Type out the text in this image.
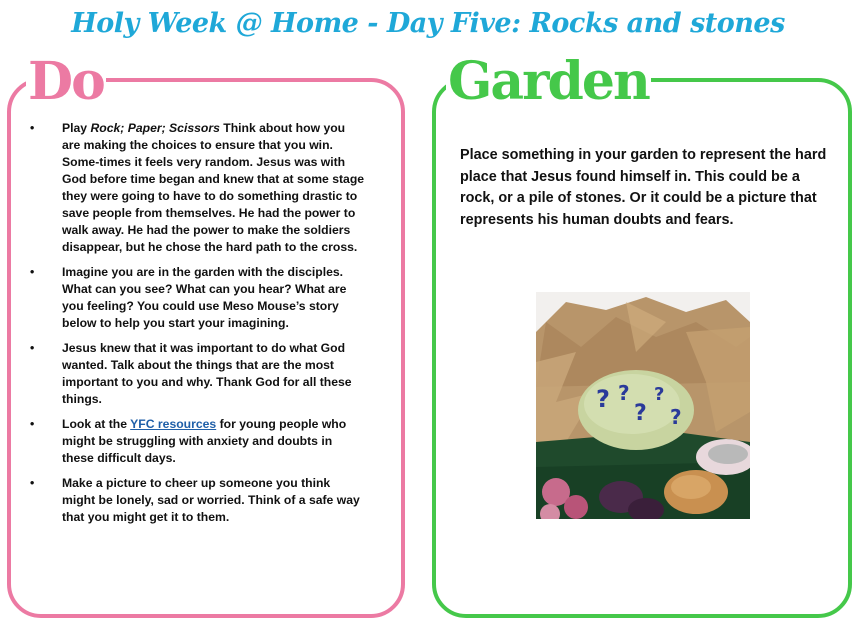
Holy Week @ Home - Day Five: Rocks and stones
Do
• Play Rock; Paper; Scissors Think about how you are making the choices to ensure that you win. Some-times it feels very random. Jesus was with God before time began and knew that at some stage they were going to have to do something drastic to save people from themselves. He had the power to walk away. He had the power to make the soldiers disappear, but he chose the hard path to the cross.
• Imagine you are in the garden with the disciples. What can you see? What can you hear? What are you feeling? You could use Meso Mouse’s story below to help you start your imagining.
• Jesus knew that it was important to do what God wanted. Talk about the things that are the most important to you and why. Thank God for all these things.
• Look at the YFC resources for young people who might be struggling with anxiety and doubts in these difficult days.
• Make a picture to cheer up someone you think might be lonely, sad or worried. Think of a safe way that you might get it to them.
Garden

Place something in your garden to represent the hard place that Jesus found himself in. This could be a rock, or a pile of stones. Or it could be a picture that represents his human doubts and fears.

? ?
?
?
?
